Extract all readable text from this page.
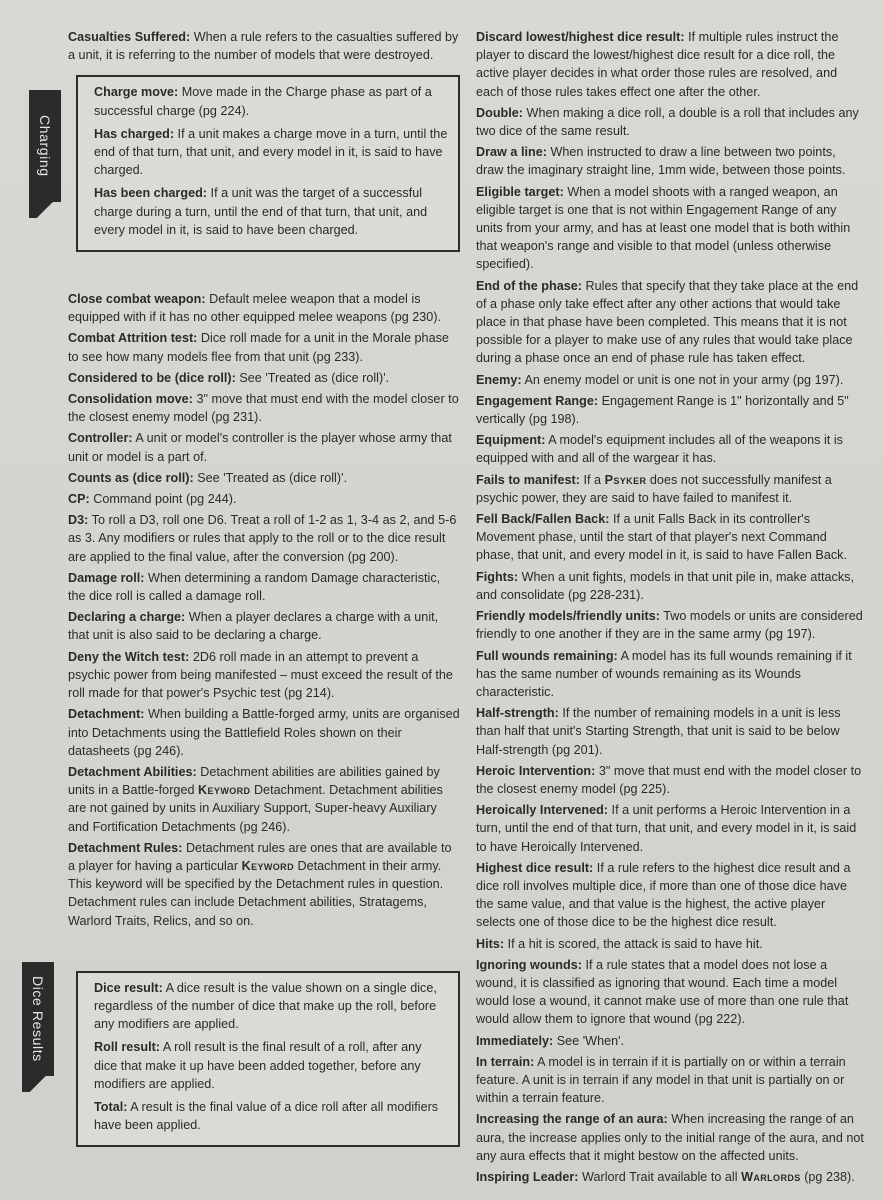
Charging
Dice Results

Casualties Suffered: When a rule refers to the casualties suffered by a unit, it is referring to the number of models that were destroyed.

Charge move: Move made in the Charge phase as part of a successful charge (pg 224).

Has charged: If a unit makes a charge move in a turn, until the end of that turn, that unit, and every model in it, is said to have charged.

Has been charged: If a unit was the target of a successful charge during a turn, until the end of that turn, that unit, and every model in it, is said to have been charged.

Close combat weapon: Default melee weapon that a model is equipped with if it has no other equipped melee weapons (pg 230).

Combat Attrition test: Dice roll made for a unit in the Morale phase to see how many models flee from that unit (pg 233).

Considered to be (dice roll): See 'Treated as (dice roll)'.

Consolidation move: 3" move that must end with the model closer to the closest enemy model (pg 231).

Controller: A unit or model's controller is the player whose army that unit or model is a part of.

Counts as (dice roll): See 'Treated as (dice roll)'.

CP: Command point (pg 244).

D3: To roll a D3, roll one D6. Treat a roll of 1-2 as 1, 3-4 as 2, and 5-6 as 3. Any modifiers or rules that apply to the roll or to the dice result are applied to the final value, after the conversion (pg 200).

Damage roll: When determining a random Damage characteristic, the dice roll is called a damage roll.

Declaring a charge: When a player declares a charge with a unit, that unit is also said to be declaring a charge.

Deny the Witch test: 2D6 roll made in an attempt to prevent a psychic power from being manifested – must exceed the result of the roll made for that power's Psychic test (pg 214).

Detachment: When building a Battle-forged army, units are organised into Detachments using the Battlefield Roles shown on their datasheets (pg 246).

Detachment Abilities: Detachment abilities are abilities gained by units in a Battle-forged Keyword Detachment. Detachment abilities are not gained by units in Auxiliary Support, Super-heavy Auxiliary and Fortification Detachments (pg 246).

Detachment Rules: Detachment rules are ones that are available to a player for having a particular Keyword Detachment in their army. This keyword will be specified by the Detachment rules in question. Detachment rules can include Detachment abilities, Stratagems, Warlord Traits, Relics, and so on.

Dice result: A dice result is the value shown on a single dice, regardless of the number of dice that make up the roll, before any modifiers are applied.

Roll result: A roll result is the final result of a roll, after any dice that make it up have been added together, before any modifiers are applied.

Total: A result is the final value of a dice roll after all modifiers have been applied.

Discard lowest/highest dice result: If multiple rules instruct the player to discard the lowest/highest dice result for a dice roll, the active player decides in what order those rules are resolved, and each of those rules takes effect one after the other.

Double: When making a dice roll, a double is a roll that includes any two dice of the same result.

Draw a line: When instructed to draw a line between two points, draw the imaginary straight line, 1mm wide, between those points.

Eligible target: When a model shoots with a ranged weapon, an eligible target is one that is not within Engagement Range of any units from your army, and has at least one model that is both within that weapon's range and visible to that model (unless otherwise specified).

End of the phase: Rules that specify that they take place at the end of a phase only take effect after any other actions that would take place in that phase have been completed. This means that it is not possible for a player to make use of any rules that would take place during a phase once an end of phase rule has taken effect.

Enemy: An enemy model or unit is one not in your army (pg 197).

Engagement Range: Engagement Range is 1" horizontally and 5" vertically (pg 198).

Equipment: A model's equipment includes all of the weapons it is equipped with and all of the wargear it has.

Fails to manifest: If a Psyker does not successfully manifest a psychic power, they are said to have failed to manifest it.

Fell Back/Fallen Back: If a unit Falls Back in its controller's Movement phase, until the start of that player's next Command phase, that unit, and every model in it, is said to have Fallen Back.

Fights: When a unit fights, models in that unit pile in, make attacks, and consolidate (pg 228-231).

Friendly models/friendly units: Two models or units are considered friendly to one another if they are in the same army (pg 197).

Full wounds remaining: A model has its full wounds remaining if it has the same number of wounds remaining as its Wounds characteristic.

Half-strength: If the number of remaining models in a unit is less than half that unit's Starting Strength, that unit is said to be below Half-strength (pg 201).

Heroic Intervention: 3" move that must end with the model closer to the closest enemy model (pg 225).

Heroically Intervened: If a unit performs a Heroic Intervention in a turn, until the end of that turn, that unit, and every model in it, is said to have Heroically Intervened.

Highest dice result: If a rule refers to the highest dice result and a dice roll involves multiple dice, if more than one of those dice have the same value, and that value is the highest, the active player selects one of those dice to be the highest dice result.

Hits: If a hit is scored, the attack is said to have hit.

Ignoring wounds: If a rule states that a model does not lose a wound, it is classified as ignoring that wound. Each time a model would lose a wound, it cannot make use of more than one rule that would allow them to ignore that wound (pg 222).

Immediately: See 'When'.

In terrain: A model is in terrain if it is partially on or within a terrain feature. A unit is in terrain if any model in that unit is partially on or within a terrain feature.

Increasing the range of an aura: When increasing the range of an aura, the increase applies only to the initial range of the aura, and not any aura effects that it might bestow on the affected units.

Inspiring Leader: Warlord Trait available to all Warlords (pg 238).
